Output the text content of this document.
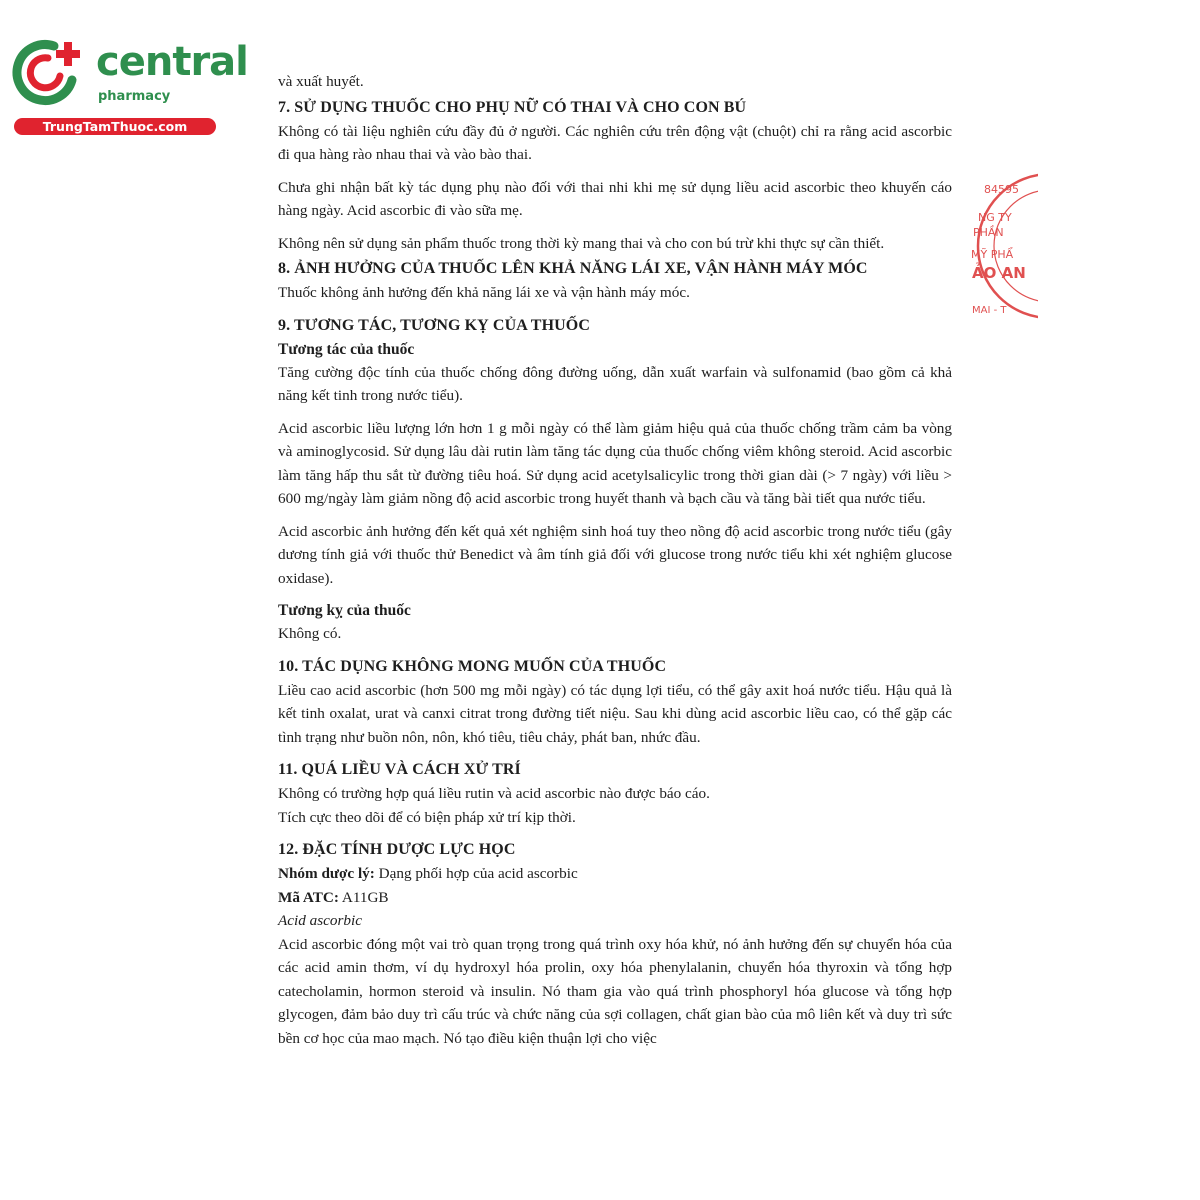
central
pharmacy
TrungTamThuoc.com
84595
NG TY
PHẦN
MỸ PHẨ
ẢO AN
MAI - T

và xuất huyết.

7. SỬ DỤNG THUỐC CHO PHỤ NỮ CÓ THAI VÀ CHO CON BÚ

Không có tài liệu nghiên cứu đầy đủ ở người. Các nghiên cứu trên động vật (chuột) chỉ ra rằng acid ascorbic đi qua hàng rào nhau thai và vào bào thai.

Chưa ghi nhận bất kỳ tác dụng phụ nào đối với thai nhi khi mẹ sử dụng liều acid ascorbic theo khuyến cáo hàng ngày. Acid ascorbic đi vào sữa mẹ.

Không nên sử dụng sản phẩm thuốc trong thời kỳ mang thai và cho con bú trừ khi thực sự cần thiết.

8. ẢNH HƯỞNG CỦA THUỐC LÊN KHẢ NĂNG LÁI XE, VẬN HÀNH MÁY MÓC

Thuốc không ảnh hưởng đến khả năng lái xe và vận hành máy móc.

9. TƯƠNG TÁC, TƯƠNG KỴ CỦA THUỐC
Tương tác của thuốc

Tăng cường độc tính của thuốc chống đông đường uống, dẫn xuất warfain và sulfonamid (bao gồm cả khả năng kết tinh trong nước tiểu).

Acid ascorbic liều lượng lớn hơn 1 g mỗi ngày có thể làm giảm hiệu quả của thuốc chống trầm cảm ba vòng và aminoglycosid. Sử dụng lâu dài rutin làm tăng tác dụng của thuốc chống viêm không steroid. Acid ascorbic làm tăng hấp thu sắt từ đường tiêu hoá. Sử dụng acid acetylsalicylic trong thời gian dài (> 7 ngày) với liều > 600 mg/ngày làm giảm nồng độ acid ascorbic trong huyết thanh và bạch cầu và tăng bài tiết qua nước tiểu.

Acid ascorbic ảnh hưởng đến kết quả xét nghiệm sinh hoá tuy theo nồng độ acid ascorbic trong nước tiểu (gây dương tính giả với thuốc thử Benedict và âm tính giả đối với glucose trong nước tiểu khi xét nghiệm glucose oxidase).

Tương kỵ của thuốc

Không có.

10. TÁC DỤNG KHÔNG MONG MUỐN CỦA THUỐC

Liều cao acid ascorbic (hơn 500 mg mỗi ngày) có tác dụng lợi tiểu, có thể gây axit hoá nước tiểu. Hậu quả là kết tinh oxalat, urat và canxi citrat trong đường tiết niệu. Sau khi dùng acid ascorbic liều cao, có thể gặp các tình trạng như buồn nôn, nôn, khó tiêu, tiêu chảy, phát ban, nhức đầu.

11. QUÁ LIỀU VÀ CÁCH XỬ TRÍ
Không có trường hợp quá liều rutin và acid ascorbic nào được báo cáo.

Tích cực theo dõi để có biện pháp xử trí kịp thời.

12. ĐẶC TÍNH DƯỢC LỰC HỌC
Nhóm dược lý: Dạng phối hợp của acid ascorbic
Mã ATC: A11GB
Acid ascorbic

Acid ascorbic đóng một vai trò quan trọng trong quá trình oxy hóa khử, nó ảnh hưởng đến sự chuyển hóa của các acid amin thơm, ví dụ hydroxyl hóa prolin, oxy hóa phenylalanin, chuyển hóa thyroxin và tổng hợp catecholamin, hormon steroid và insulin. Nó tham gia vào quá trình phosphoryl hóa glucose và tổng hợp glycogen, đảm bảo duy trì cấu trúc và chức năng của sợi collagen, chất gian bào của mô liên kết và duy trì sức bền cơ học của mao mạch. Nó tạo điều kiện thuận lợi cho việc
